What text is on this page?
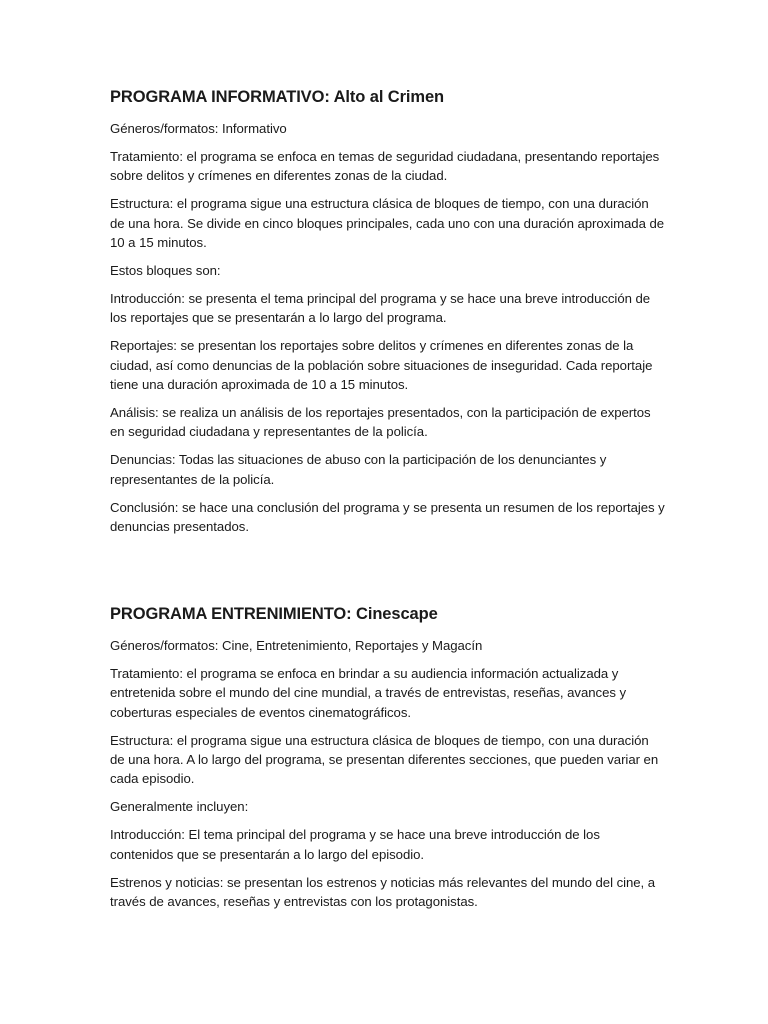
PROGRAMA INFORMATIVO: Alto al Crimen

Géneros/formatos: Informativo

Tratamiento: el programa se enfoca en temas de seguridad ciudadana, presentando reportajes sobre delitos y crímenes en diferentes zonas de la ciudad.

Estructura: el programa sigue una estructura clásica de bloques de tiempo, con una duración de una hora. Se divide en cinco bloques principales, cada uno con una duración aproximada de 10 a 15 minutos.

Estos bloques son:

Introducción: se presenta el tema principal del programa y se hace una breve introducción de los reportajes que se presentarán a lo largo del programa.

Reportajes: se presentan los reportajes sobre delitos y crímenes en diferentes zonas de la ciudad, así como denuncias de la población sobre situaciones de inseguridad. Cada reportaje tiene una duración aproximada de 10 a 15 minutos.

Análisis: se realiza un análisis de los reportajes presentados, con la participación de expertos en seguridad ciudadana y representantes de la policía.

Denuncias: Todas las situaciones de abuso con la participación de los denunciantes y representantes de la policía.

Conclusión: se hace una conclusión del programa y se presenta un resumen de los reportajes y denuncias presentados.

PROGRAMA ENTRENIMIENTO: Cinescape

Géneros/formatos: Cine, Entretenimiento, Reportajes y Magacín

Tratamiento: el programa se enfoca en brindar a su audiencia información actualizada y entretenida sobre el mundo del cine mundial, a través de entrevistas, reseñas, avances y coberturas especiales de eventos cinematográficos.

Estructura: el programa sigue una estructura clásica de bloques de tiempo, con una duración de una hora. A lo largo del programa, se presentan diferentes secciones, que pueden variar en cada episodio.

Generalmente incluyen:

Introducción: El tema principal del programa y se hace una breve introducción de los contenidos que se presentarán a lo largo del episodio.

Estrenos y noticias: se presentan los estrenos y noticias más relevantes del mundo del cine, a través de avances, reseñas y entrevistas con los protagonistas.
